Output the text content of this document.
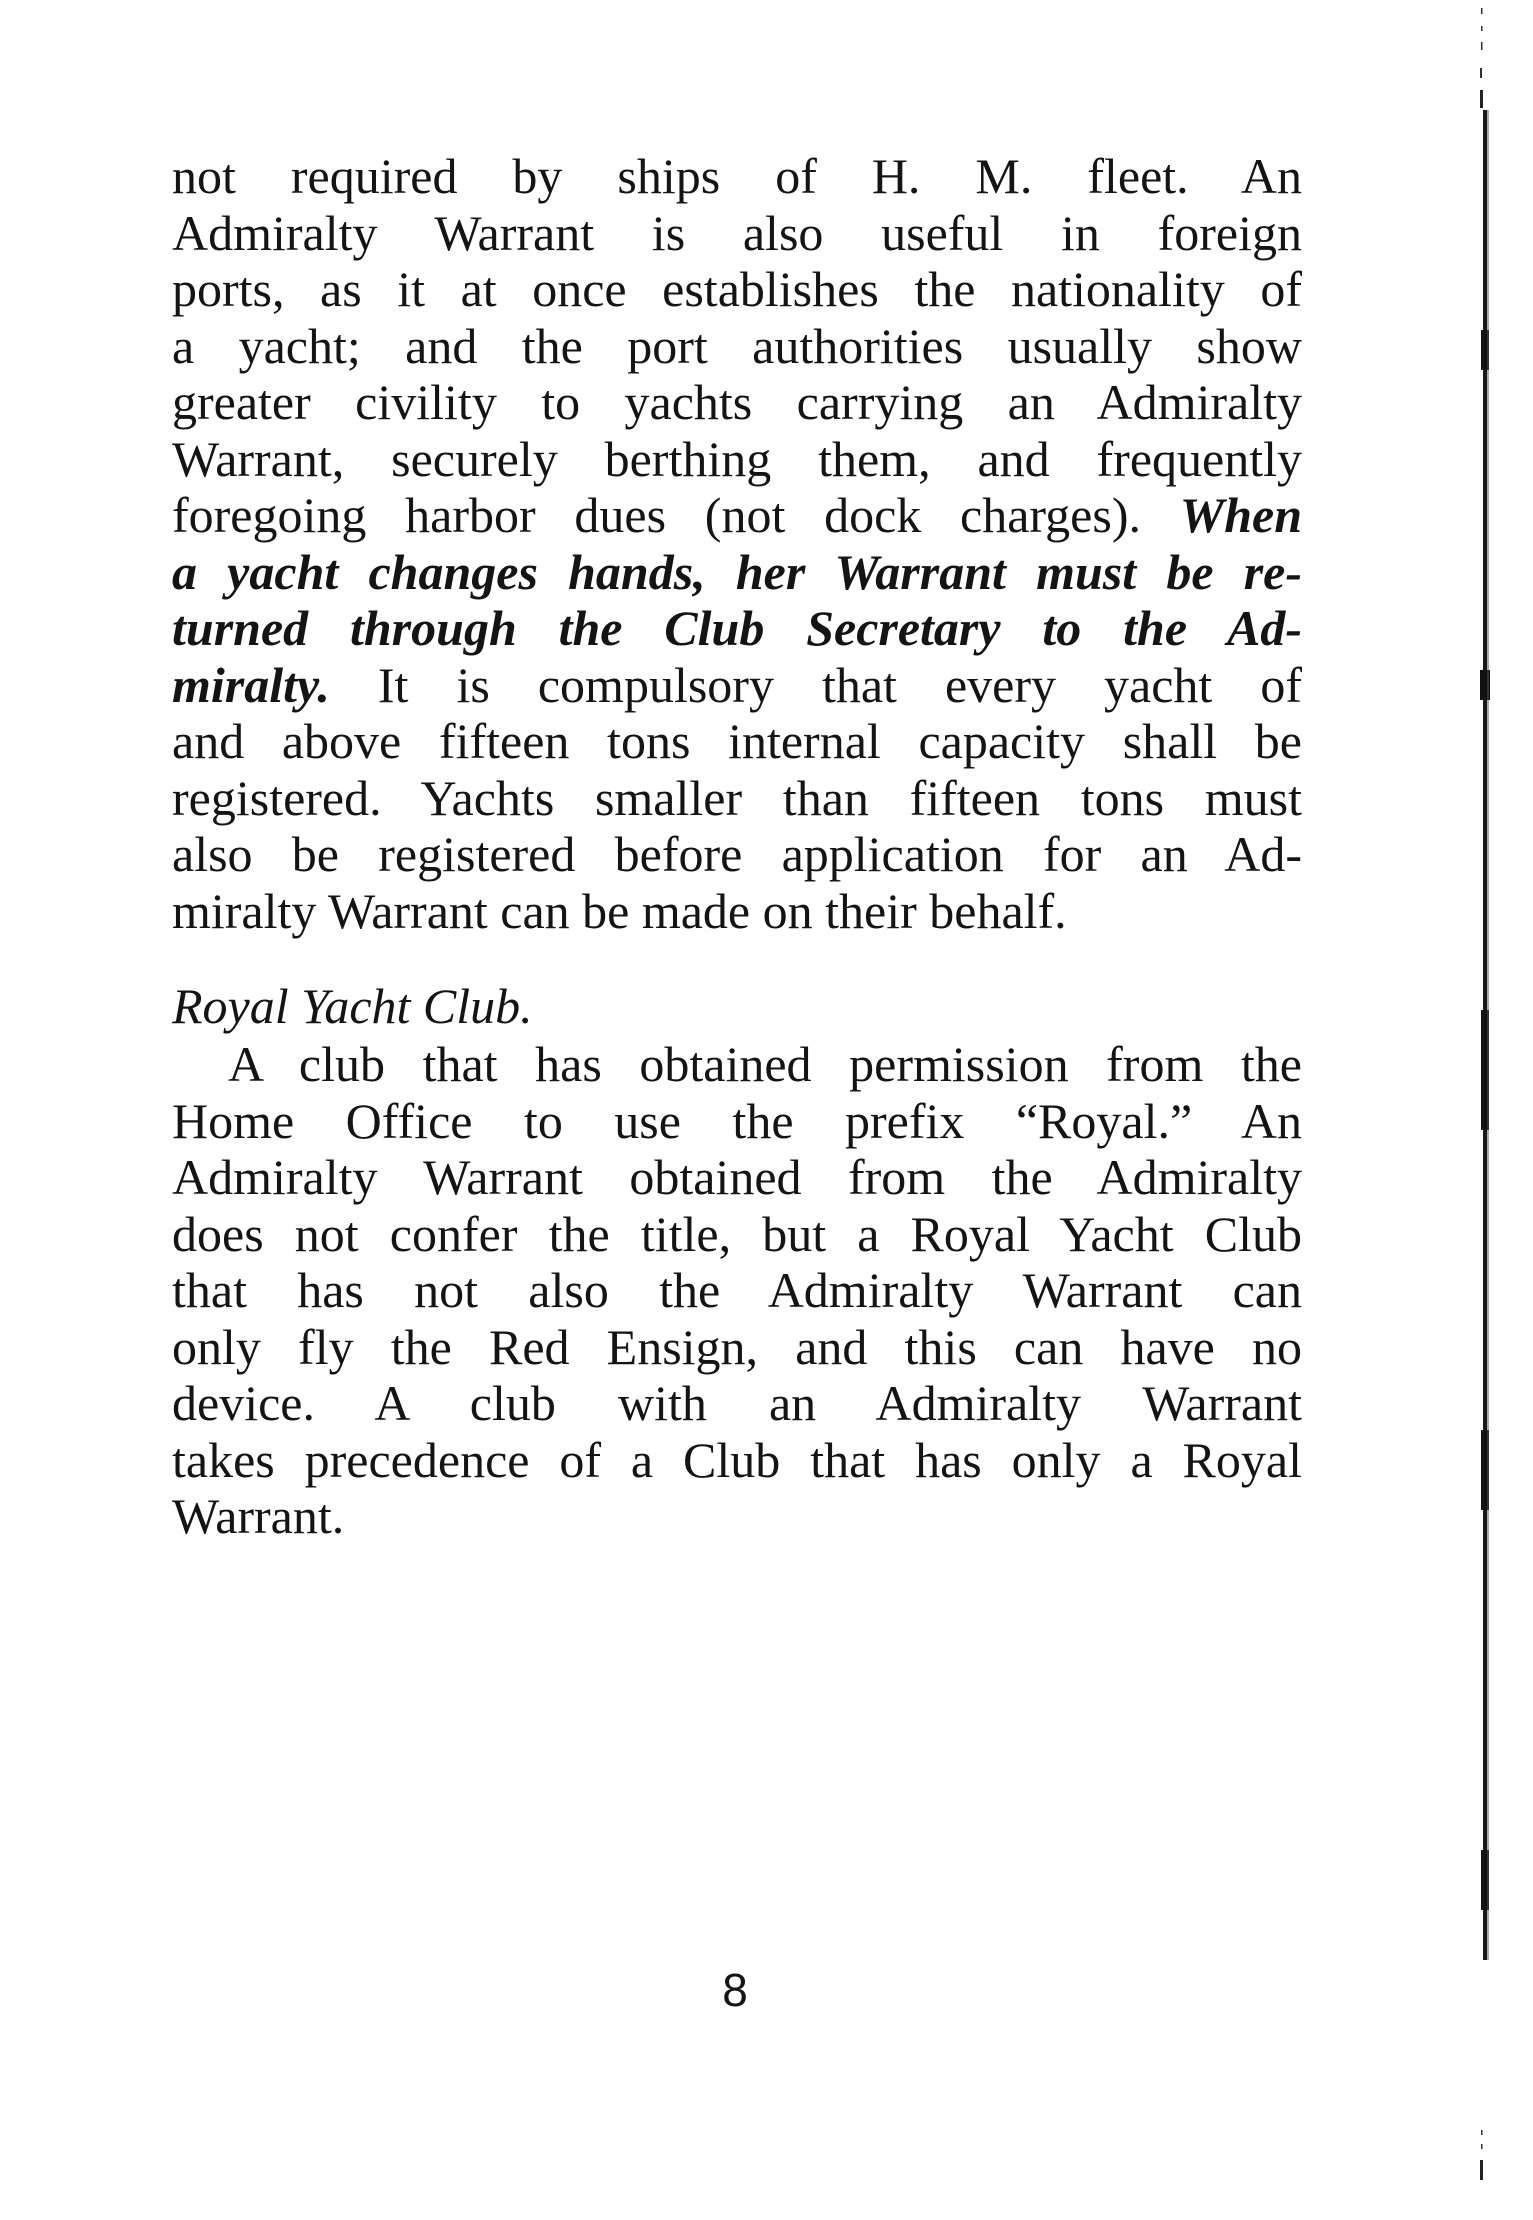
not required by ships of H. M. fleet. An
Admiralty Warrant is also useful in foreign
ports, as it at once establishes the nationality of
a yacht; and the port authorities usually show
greater civility to yachts carrying an Admiralty
Warrant, securely berthing them, and frequently
foregoing harbor dues (not dock charges). When
a yacht changes hands, her Warrant must be re-
turned through the Club Secretary to the Ad-
miralty. It is compulsory that every yacht of
and above fifteen tons internal capacity shall be
registered. Yachts smaller than fifteen tons must
also be registered before application for an Ad-
miralty Warrant can be made on their behalf.
Royal Yacht Club.
A club that has obtained permission from the
Home Office to use the prefix “Royal.” An
Admiralty Warrant obtained from the Admiralty
does not confer the title, but a Royal Yacht Club
that has not also the Admiralty Warrant can
only fly the Red Ensign, and this can have no
device. A club with an Admiralty Warrant
takes precedence of a Club that has only a Royal
Warrant.
8
